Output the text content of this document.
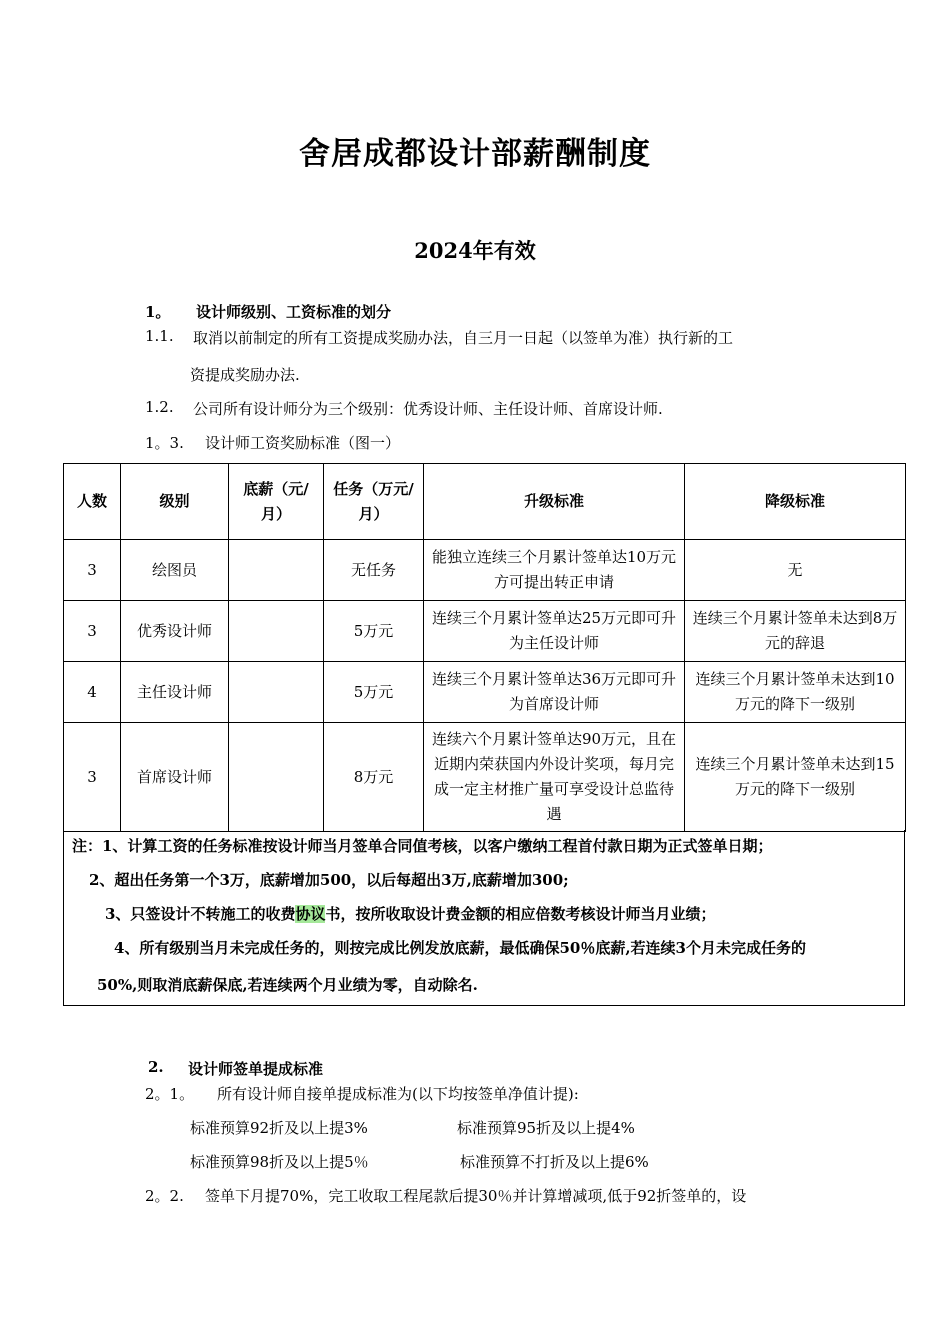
舍居成都设计部薪酬制度
2024年有效
1。 设计师级别、工资标准的划分
1.1. 取消以前制定的所有工资提成奖励办法，自三月一日起（以签单为准）执行新的工
资提成奖励办法.
1.2. 公司所有设计师分为三个级别：优秀设计师、主任设计师、首席设计师.
1。3. 设计师工资奖励标准（图一）
人数	级别	底薪（元/月）	任务（万元/月）	升级标准	降级标准
3	绘图员		无任务	能独立连续三个月累计签单达10万元方可提出转正申请	无
3	优秀设计师		5万元	连续三个月累计签单达25万元即可升为主任设计师	连续三个月累计签单未达到8万元的辞退
4	主任设计师		5万元	连续三个月累计签单达36万元即可升为首席设计师	连续三个月累计签单未达到10万元的降下一级别
3	首席设计师		8万元	连续六个月累计签单达90万元，且在近期内荣获国内外设计奖项，每月完成一定主材推广量可享受设计总监待遇	连续三个月累计签单未达到15万元的降下一级别
注：1、计算工资的任务标准按设计师当月签单合同值考核，以客户缴纳工程首付款日期为正式签单日期；
2、超出任务第一个3万，底薪增加500，以后每超出3万,底薪增加300;
3、只签设计不转施工的收费协议书，按所收取设计费金额的相应倍数考核设计师当月业绩；
4、所有级别当月未完成任务的，则按完成比例发放底薪，最低确保50％底薪,若连续3个月未完成任务的
50%,则取消底薪保底,若连续两个月业绩为零，自动除名.
2. 设计师签单提成标准
2。1。 所有设计师自接单提成标准为(以下均按签单净值计提):
标准预算92折及以上提3%	标准预算95折及以上提4%
标准预算98折及以上提5％	标准预算不打折及以上提6%
2。2. 签单下月提70%，完工收取工程尾款后提30％并计算增减项,低于92折签单的，设
